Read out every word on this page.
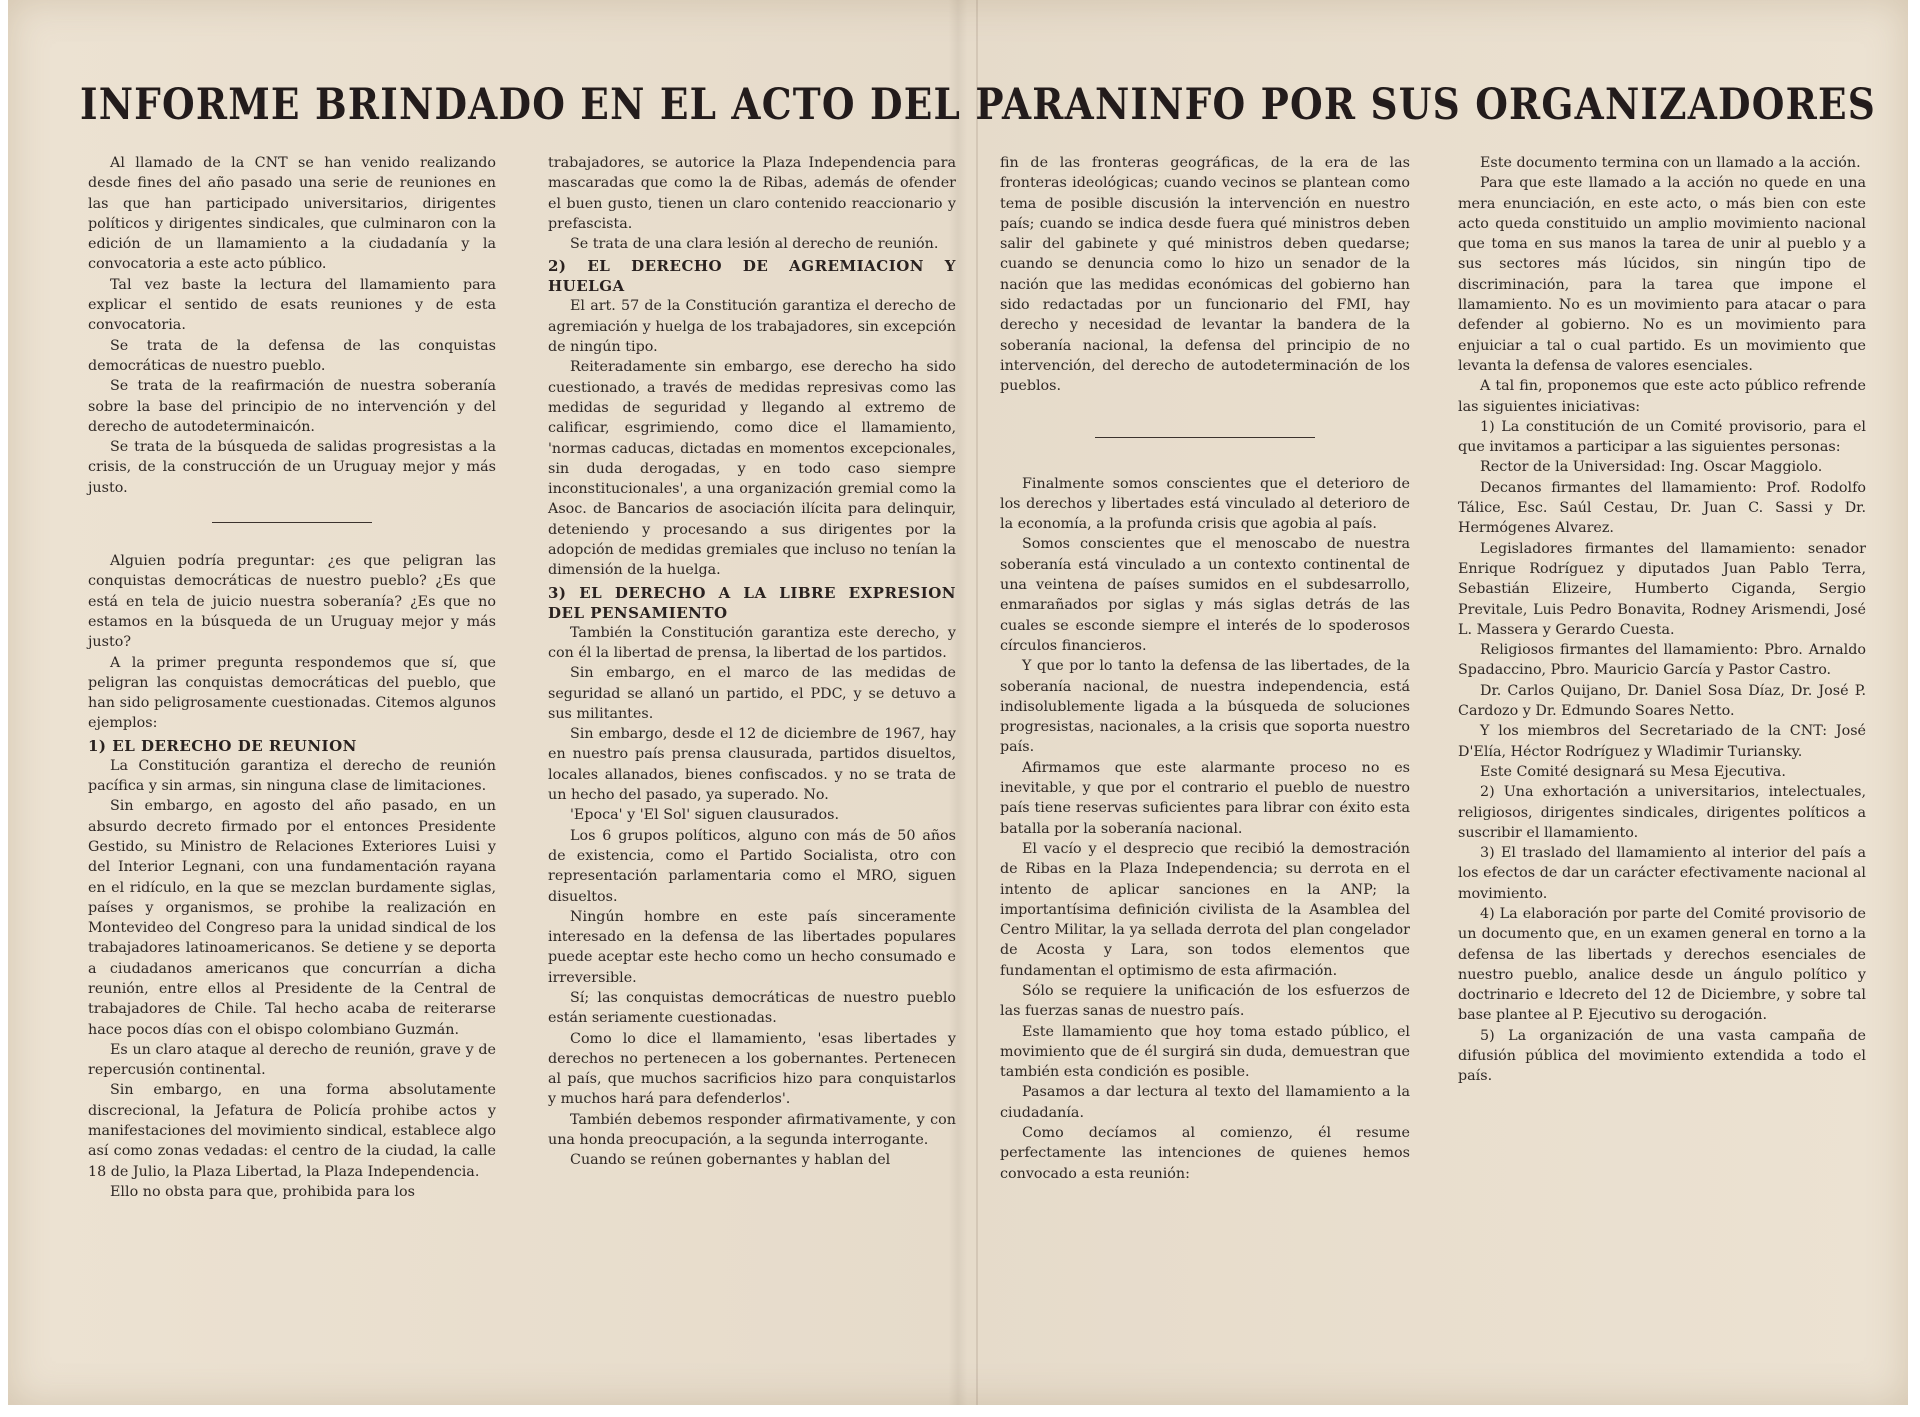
INFORME BRINDADO EN EL ACTO DEL PARANINFO POR SUS ORGANIZADORES

Al llamado de la CNT se han venido realizando desde fines del año pasado una serie de reuniones en las que han participado universitarios, dirigentes políticos y dirigentes sindicales, que culminaron con la edición de un llamamiento a la ciudadanía y la convocatoria a este acto público.

Tal vez baste la lectura del llamamiento para explicar el sentido de esats reuniones y de esta convocatoria.

Se trata de la defensa de las conquistas democráticas de nuestro pueblo.

Se trata de la reafirmación de nuestra soberanía sobre la base del principio de no intervención y del derecho de autodeterminaicón.

Se trata de la búsqueda de salidas progresistas a la crisis, de la construcción de un Uruguay mejor y más justo.

Alguien podría preguntar: ¿es que peligran las conquistas democráticas de nuestro pueblo? ¿Es que está en tela de juicio nuestra soberanía? ¿Es que no estamos en la búsqueda de un Uruguay mejor y más justo?

A la primer pregunta respondemos que sí, que peligran las conquistas democráticas del pueblo, que han sido peligrosamente cuestionadas. Citemos algunos ejemplos:

1) EL DERECHO DE REUNION

La Constitución garantiza el derecho de reunión pacífica y sin armas, sin ninguna clase de limitaciones.

Sin embargo, en agosto del año pasado, en un absurdo decreto firmado por el entonces Presidente Gestido, su Ministro de Relaciones Exteriores Luisi y del Interior Legnani, con una fundamentación rayana en el ridículo, en la que se mezclan burdamente siglas, países y organismos, se prohibe la realización en Montevideo del Congreso para la unidad sindical de los trabajadores latinoamericanos. Se detiene y se deporta a ciudadanos americanos que concurrían a dicha reunión, entre ellos al Presidente de la Central de trabajadores de Chile. Tal hecho acaba de reiterarse hace pocos días con el obispo colombiano Guzmán.

Es un claro ataque al derecho de reunión, grave y de repercusión continental.

Sin embargo, en una forma absolutamente discrecional, la Jefatura de Policía prohibe actos y manifestaciones del movimiento sindical, establece algo así como zonas vedadas: el centro de la ciudad, la calle 18 de Julio, la Plaza Libertad, la Plaza Independencia.

Ello no obsta para que, prohibida para los

trabajadores, se autorice la Plaza Independencia para mascaradas que como la de Ribas, además de ofender el buen gusto, tienen un claro contenido reaccionario y prefascista.

Se trata de una clara lesión al derecho de reunión.

2) EL DERECHO DE AGREMIACION Y HUELGA

El art. 57 de la Constitución garantiza el derecho de agremiación y huelga de los trabajadores, sin excepción de ningún tipo.

Reiteradamente sin embargo, ese derecho ha sido cuestionado, a través de medidas represivas como las medidas de seguridad y llegando al extremo de calificar, esgrimiendo, como dice el llamamiento, 'normas caducas, dictadas en momentos excepcionales, sin duda derogadas, y en todo caso siempre inconstitucionales', a una organización gremial como la Asoc. de Bancarios de asociación ilícita para delinquir, deteniendo y procesando a sus dirigentes por la adopción de medidas gremiales que incluso no tenían la dimensión de la huelga.

3) EL DERECHO A LA LIBRE EXPRESION DEL PENSAMIENTO

También la Constitución garantiza este derecho, y con él la libertad de prensa, la libertad de los partidos.

Sin embargo, en el marco de las medidas de seguridad se allanó un partido, el PDC, y se detuvo a sus militantes.

Sin embargo, desde el 12 de diciembre de 1967, hay en nuestro país prensa clausurada, partidos disueltos, locales allanados, bienes confiscados. y no se trata de un hecho del pasado, ya superado. No.

'Epoca' y 'El Sol' siguen clausurados.

Los 6 grupos políticos, alguno con más de 50 años de existencia, como el Partido Socialista, otro con representación parlamentaria como el MRO, siguen disueltos.

Ningún hombre en este país sinceramente interesado en la defensa de las libertades populares puede aceptar este hecho como un hecho consumado e irreversible.

Sí; las conquistas democráticas de nuestro pueblo están seriamente cuestionadas.

Como lo dice el llamamiento, 'esas libertades y derechos no pertenecen a los gobernantes. Pertenecen al país, que muchos sacrificios hizo para conquistarlos y muchos hará para defenderlos'.

También debemos responder afirmativamente, y con una honda preocupación, a la segunda interrogante.

Cuando se reúnen gobernantes y hablan del

fin de las fronteras geográficas, de la era de las fronteras ideológicas; cuando vecinos se plantean como tema de posible discusión la intervención en nuestro país; cuando se indica desde fuera qué ministros deben salir del gabinete y qué ministros deben quedarse; cuando se denuncia como lo hizo un senador de la nación que las medidas económicas del gobierno han sido redactadas por un funcionario del FMI, hay derecho y necesidad de levantar la bandera de la soberanía nacional, la defensa del principio de no intervención, del derecho de autodeterminación de los pueblos.

Finalmente somos conscientes que el deterioro de los derechos y libertades está vinculado al deterioro de la economía, a la profunda crisis que agobia al país.

Somos conscientes que el menoscabo de nuestra soberanía está vinculado a un contexto continental de una veintena de países sumidos en el subdesarrollo, enmarañados por siglas y más siglas detrás de las cuales se esconde siempre el interés de lo spoderosos círculos financieros.

Y que por lo tanto la defensa de las libertades, de la soberanía nacional, de nuestra independencia, está indisolublemente ligada a la búsqueda de soluciones progresistas, nacionales, a la crisis que soporta nuestro país.

Afirmamos que este alarmante proceso no es inevitable, y que por el contrario el pueblo de nuestro país tiene reservas suficientes para librar con éxito esta batalla por la soberanía nacional.

El vacío y el desprecio que recibió la demostración de Ribas en la Plaza Independencia; su derrota en el intento de aplicar sanciones en la ANP; la importantísima definición civilista de la Asamblea del Centro Militar, la ya sellada derrota del plan congelador de Acosta y Lara, son todos elementos que fundamentan el optimismo de esta afirmación.

Sólo se requiere la unificación de los esfuerzos de las fuerzas sanas de nuestro país.

Este llamamiento que hoy toma estado público, el movimiento que de él surgirá sin duda, demuestran que también esta condición es posible.

Pasamos a dar lectura al texto del llamamiento a la ciudadanía.

Como decíamos al comienzo, él resume perfectamente las intenciones de quienes hemos convocado a esta reunión:

Este documento termina con un llamado a la acción.

Para que este llamado a la acción no quede en una mera enunciación, en este acto, o más bien con este acto queda constituido un amplio movimiento nacional que toma en sus manos la tarea de unir al pueblo y a sus sectores más lúcidos, sin ningún tipo de discriminación, para la tarea que impone el llamamiento. No es un movimiento para atacar o para defender al gobierno. No es un movimiento para enjuiciar a tal o cual partido. Es un movimiento que levanta la defensa de valores esenciales.

A tal fin, proponemos que este acto público refrende las siguientes iniciativas:

1) La constitución de un Comité provisorio, para el que invitamos a participar a las siguientes personas:

Rector de la Universidad: Ing. Oscar Maggiolo.

Decanos firmantes del llamamiento: Prof. Rodolfo Tálice, Esc. Saúl Cestau, Dr. Juan C. Sassi y Dr. Hermógenes Alvarez.

Legisladores firmantes del llamamiento: senador Enrique Rodríguez y diputados Juan Pablo Terra, Sebastián Elizeire, Humberto Ciganda, Sergio Previtale, Luis Pedro Bonavita, Rodney Arismendi, José L. Massera y Gerardo Cuesta.

Religiosos firmantes del llamamiento: Pbro. Arnaldo Spadaccino, Pbro. Mauricio García y Pastor Castro.

Dr. Carlos Quijano, Dr. Daniel Sosa Díaz, Dr. José P. Cardozo y Dr. Edmundo Soares Netto.

Y los miembros del Secretariado de la CNT: José D'Elía, Héctor Rodríguez y Wladimir Turiansky.

Este Comité designará su Mesa Ejecutiva.

2) Una exhortación a universitarios, intelectuales, religiosos, dirigentes sindicales, dirigentes políticos a suscribir el llamamiento.

3) El traslado del llamamiento al interior del país a los efectos de dar un carácter efectivamente nacional al movimiento.

4) La elaboración por parte del Comité provisorio de un documento que, en un examen general en torno a la defensa de las libertads y derechos esenciales de nuestro pueblo, analice desde un ángulo político y doctrinario e ldecreto del 12 de Diciembre, y sobre tal base plantee al P. Ejecutivo su derogación.

5) La organización de una vasta campaña de difusión pública del movimiento extendida a todo el país.
